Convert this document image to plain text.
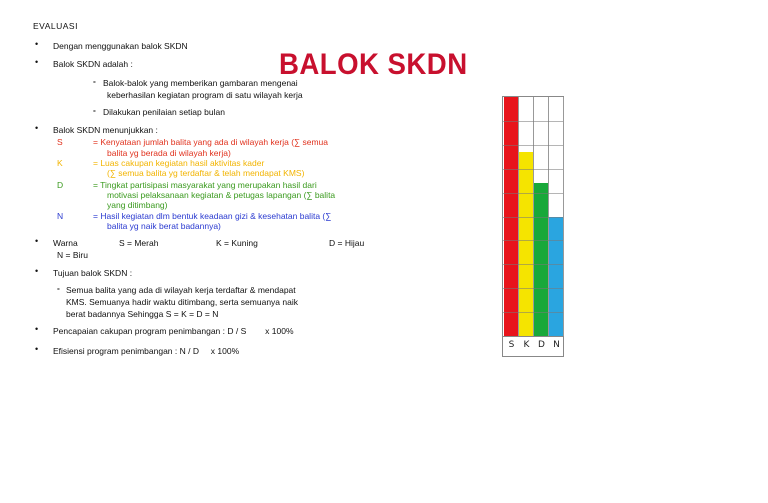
EVALUASI
• Dengan menggunakan balok SKDN
• Balok SKDN adalah :
- Balok-balok yang memberikan gambaran mengenai
keberhasilan kegiatan program di satu wilayah kerja
- Dilakukan penilaian setiap bulan
• Balok SKDN menunjukkan :
S	= Kenyataan jumlah balita yang ada di wilayah kerja (∑ semua
balita yg berada di wilayah kerja)
K	= Luas cakupan kegiatan hasil aktivitas kader
(∑ semua balita yg terdaftar & telah mendapat KMS)
D	= Tingkat partisipasi masyarakat yang merupakan hasil dari
motivasi pelaksanaan kegiatan & petugas lapangan (∑ balita
yang ditimbang)
N	= Hasil kegiatan dlm bentuk keadaan gizi & kesehatan balita (∑
balita yg naik berat badannya)
• Warna	S = Merah	K = Kuning	D = Hijau
N = Biru
• Tujuan balok SKDN :
- Semua balita yang ada di wilayah kerja terdaftar & mendapat
KMS. Semuanya hadir waktu ditimbang, serta semuanya naik
berat badannya Sehingga S = K = D = N
• Pencapaian cakupan program penimbangan : D / S        x 100%
• Efisiensi program penimbangan : N / D     x 100%
BALOK SKDN
S	K D N
